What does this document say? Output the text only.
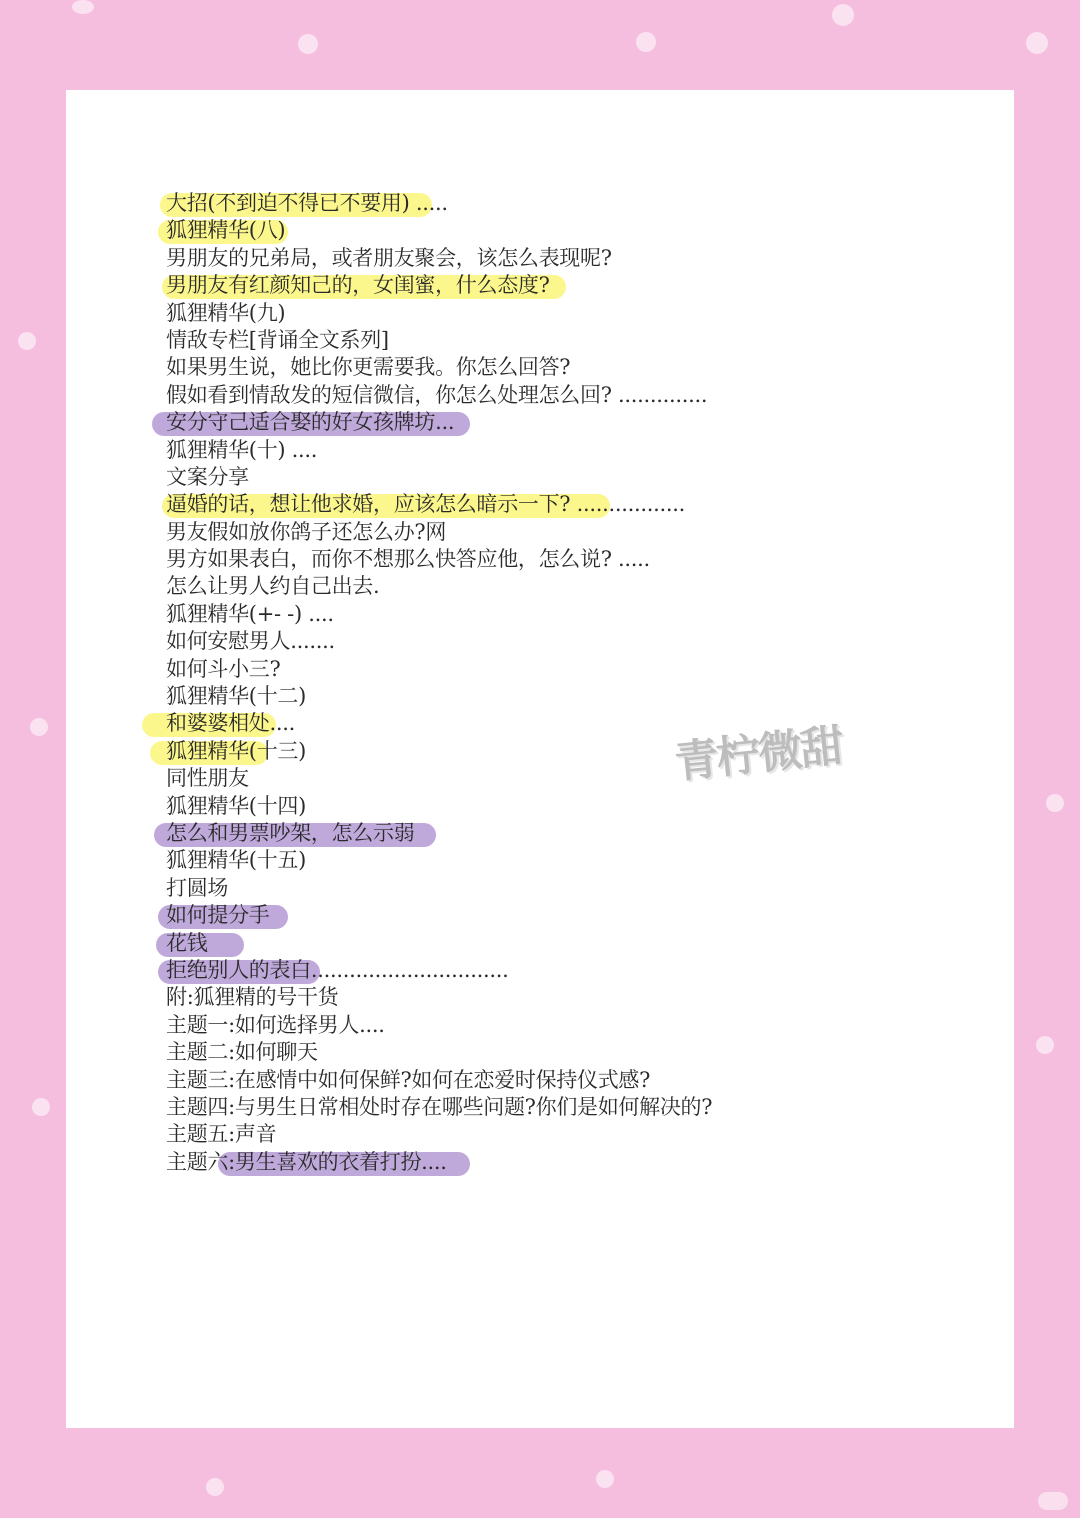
大招(不到迫不得已不要用) .....
狐狸精华(八)
男朋友的兄弟局，或者朋友聚会，该怎么表现呢?
男朋友有红颜知己的，女闺蜜，什么态度?
狐狸精华(九)
情敌专栏[背诵全文系列]
如果男生说，她比你更需要我。你怎么回答?
假如看到情敌发的短信微信，你怎么处理怎么回? ..............
安分守己适合娶的好女孩牌坊...
狐狸精华(十) ....
文案分享
逼婚的话，想让他求婚，应该怎么暗示一下? .................
男友假如放你鸽子还怎么办?网
男方如果表白，而你不想那么快答应他，怎么说? .....
怎么让男人约自己出去.
狐狸精华(+- -) ....
如何安慰男人.......
如何斗小三?
狐狸精华(十二)
和婆婆相处....
狐狸精华(十三)
同性朋友
狐狸精华(十四)
怎么和男票吵架，怎么示弱
狐狸精华(十五)
打圆场
如何提分手
花钱
拒绝别人的表白...............................
附:狐狸精的号干货
主题一:如何选择男人....
主题二:如何聊天
主题三:在感情中如何保鲜?如何在恋爱时保持仪式感?
主题四:与男生日常相处时存在哪些问题?你们是如何解决的?
主题五:声音
主题六:男生喜欢的衣着打扮....
青柠微甜
